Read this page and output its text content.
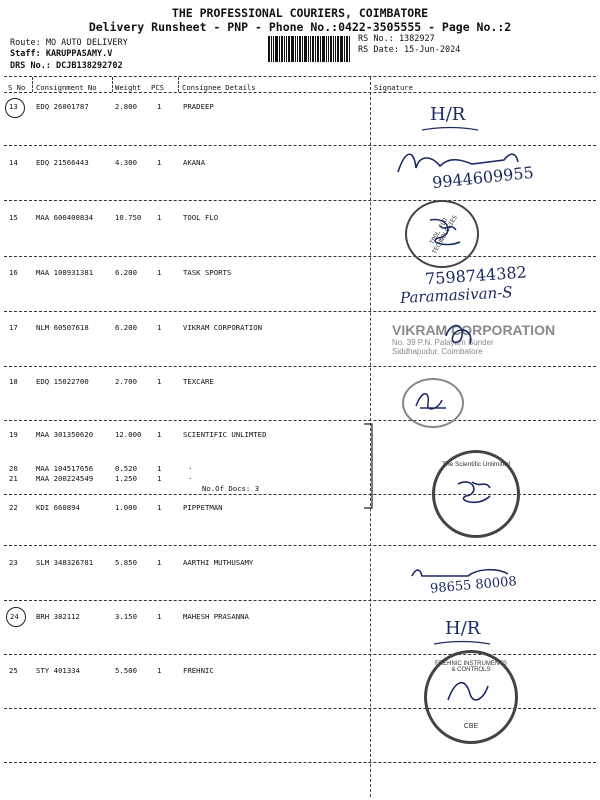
THE PROFESSIONAL COURIERS, COIMBATORE
Delivery Runsheet - PNP - Phone No.:0422-3505555 - Page No.:2
Route: MO AUTO DELIVERY
Staff: KARUPPASAMY.V
DRS No.: DCJB138292702
RS No.: 1382927
RS Date: 15-Jun-2024
S No Consignment No	Weight PCS	Consignee Details	Signature
13 EDQ 26001787	2.800	1	PRADEEP
14 EDQ 21566443	4.300	1	AKANA
15 MAA 600400834	10.750 1	TOOL FLO
16 MAA 100931381	6.200	1	TASK SPORTS
17 NLM 60507618	6.200	1	VIKRAM CORPORATION
18 EDQ 15022700	2.700	1	TEXCARE
19 MAA 301350620	12.000 1	SCIENTIFIC UNLIMTED
20 MAA 104517656	0.520	1	.
21 MAA 200224549	1.250	1	.
No.Of Docs: 3
22 KDI 660894	1.000	1	PIPPETMAN
23 SLM 348326781	5.850	1	AARTHI MUTHUSAMY
24 BRH 382112	3.150	1	MAHESH PRASANNA
25 STY 401334	5.500	1	FREHNIC
H/R
9944609955
TOOL FLO TECHNOLOGIES
7598744382
Paramasivan-S
VIKRAM CORPORATION
No. 39 P.N. Palayam Sunder
Siddhapudur, Coimbatore
The Scientific Unlimited
98655 80008
H/R
FREHNIC INSTRUMENTS & CONTROLS
CBE
